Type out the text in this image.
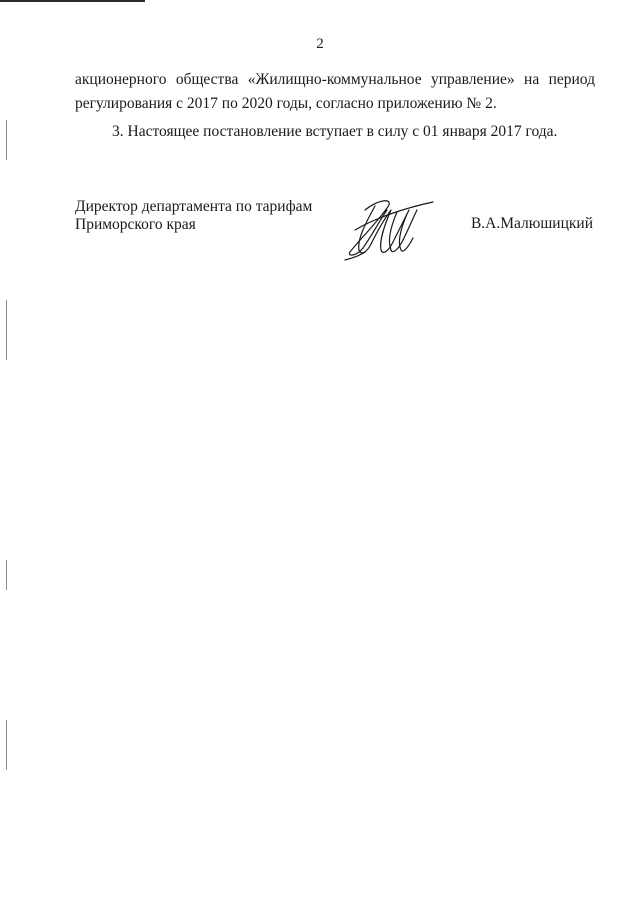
2
акционерного общества «Жилищно-коммунальное управление» на период
регулирования с 2017 по 2020 годы, согласно приложению № 2.
3. Настоящее постановление вступает в силу с 01 января 2017 года.
Директор департамента по тарифам
Приморского края	В.А.Малюшицкий
